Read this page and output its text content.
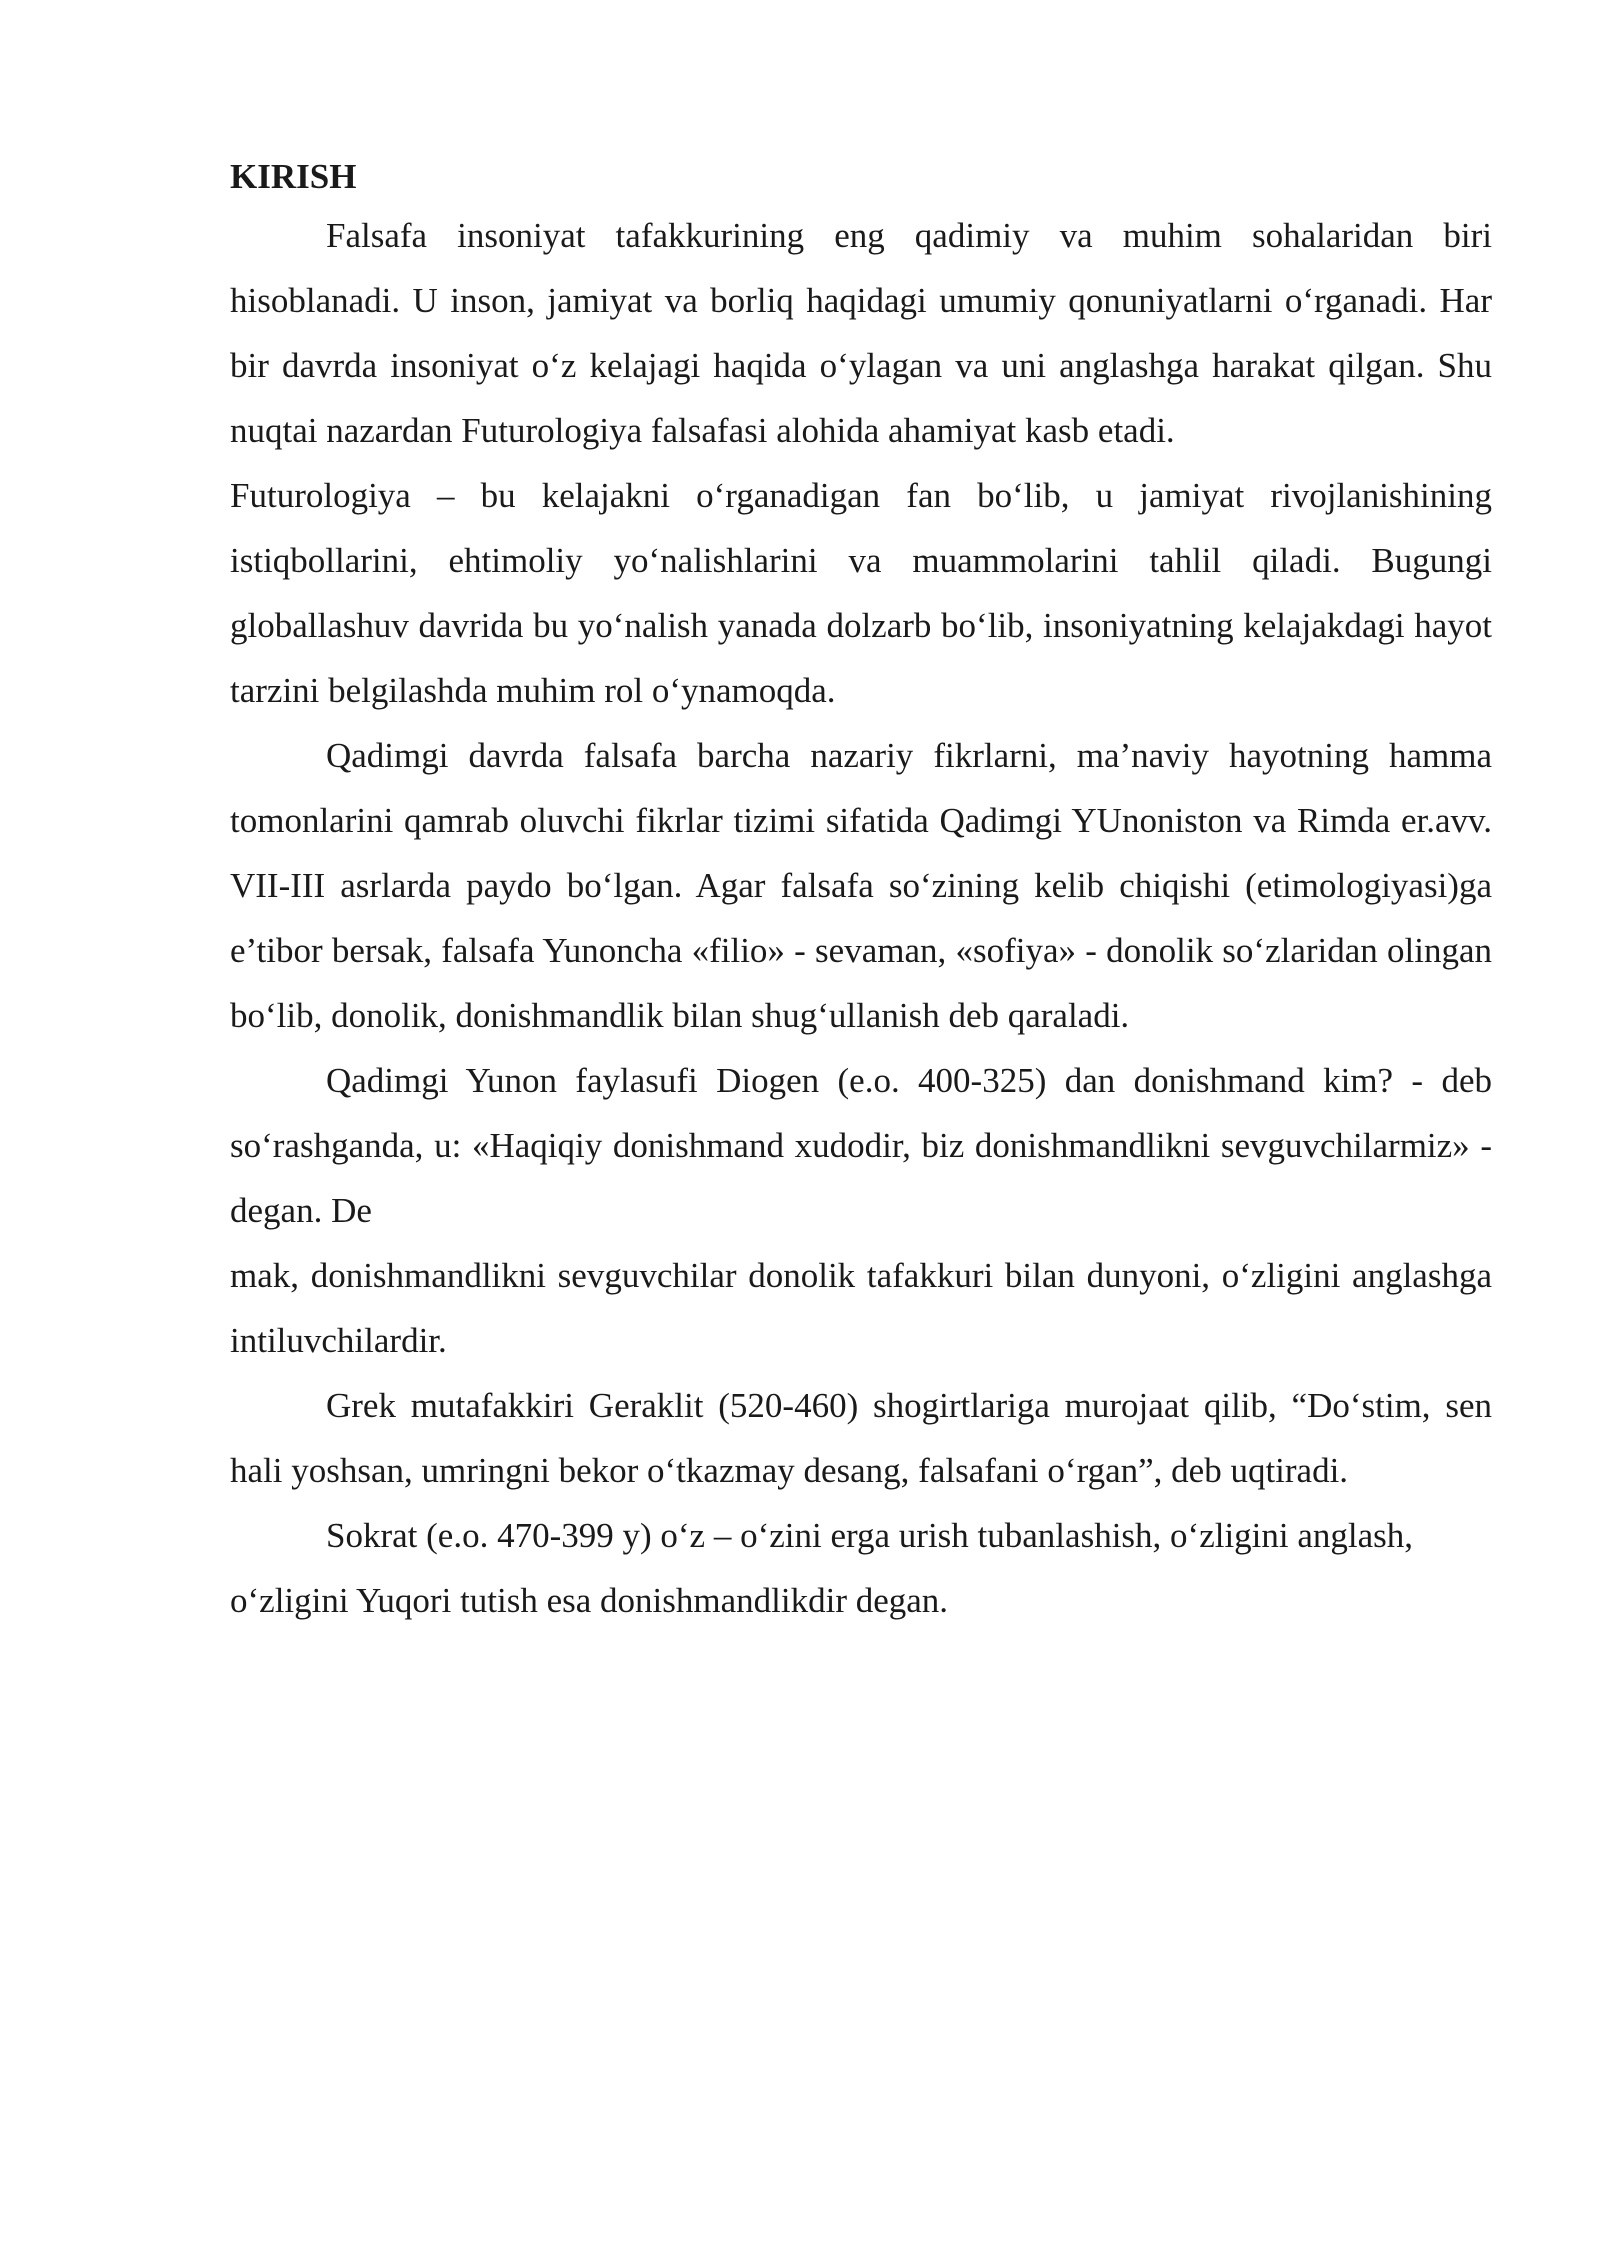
KIRISH

Falsafa insoniyat tafakkurining eng qadimiy va muhim sohalaridan biri hisoblanadi. U inson, jamiyat va borliq haqidagi umumiy qonuniyatlarni o‘rganadi. Har bir davrda insoniyat o‘z kelajagi haqida o‘ylagan va uni anglashga harakat qilgan. Shu nuqtai nazardan Futurologiya falsafasi alohida ahamiyat kasb etadi.

Futurologiya – bu kelajakni o‘rganadigan fan bo‘lib, u jamiyat rivojlanishining istiqbollarini, ehtimoliy yo‘nalishlarini va muammolarini tahlil qiladi. Bugungi globallashuv davrida bu yo‘nalish yanada dolzarb bo‘lib, insoniyatning kelajakdagi hayot tarzini belgilashda muhim rol o‘ynamoqda.

Qadimgi davrda falsafa barcha nazariy fikrlarni, ma’naviy hayotning hamma tomonlarini qamrab oluvchi fikrlar tizimi sifatida Qadimgi YUnoniston va Rimda er.avv. VII-III asrlarda paydo bo‘lgan. Agar falsafa so‘zining kelib chiqishi (etimologiyasi)ga e’tibor bersak, falsafa Yunoncha «filio» - sevaman, «sofiya» - donolik so‘zlaridan olingan bo‘lib, donolik, donishmandlik bilan shug‘ullanish deb qaraladi.

Qadimgi Yunon faylasufi Diogen (e.o. 400-325) dan donishmand kim? - deb so‘rashganda, u: «Haqiqiy donishmand xudodir, biz donishmandlikni sevguvchilarmiz» - degan. De

mak, donishmandlikni sevguvchilar donolik tafakkuri bilan dunyoni, o‘zligini anglashga intiluvchilardir.

Grek mutafakkiri Geraklit (520-460) shogirtlariga murojaat qilib, “Do‘stim, sen hali yoshsan, umringni bekor o‘tkazmay desang, falsafani o‘rgan”, deb uqtiradi.

Sokrat (e.o. 470-399 y) o‘z – o‘zini erga urish tubanlashish, o‘zligini anglash, o‘zligini Yuqori tutish esa donishmandlikdir degan.
